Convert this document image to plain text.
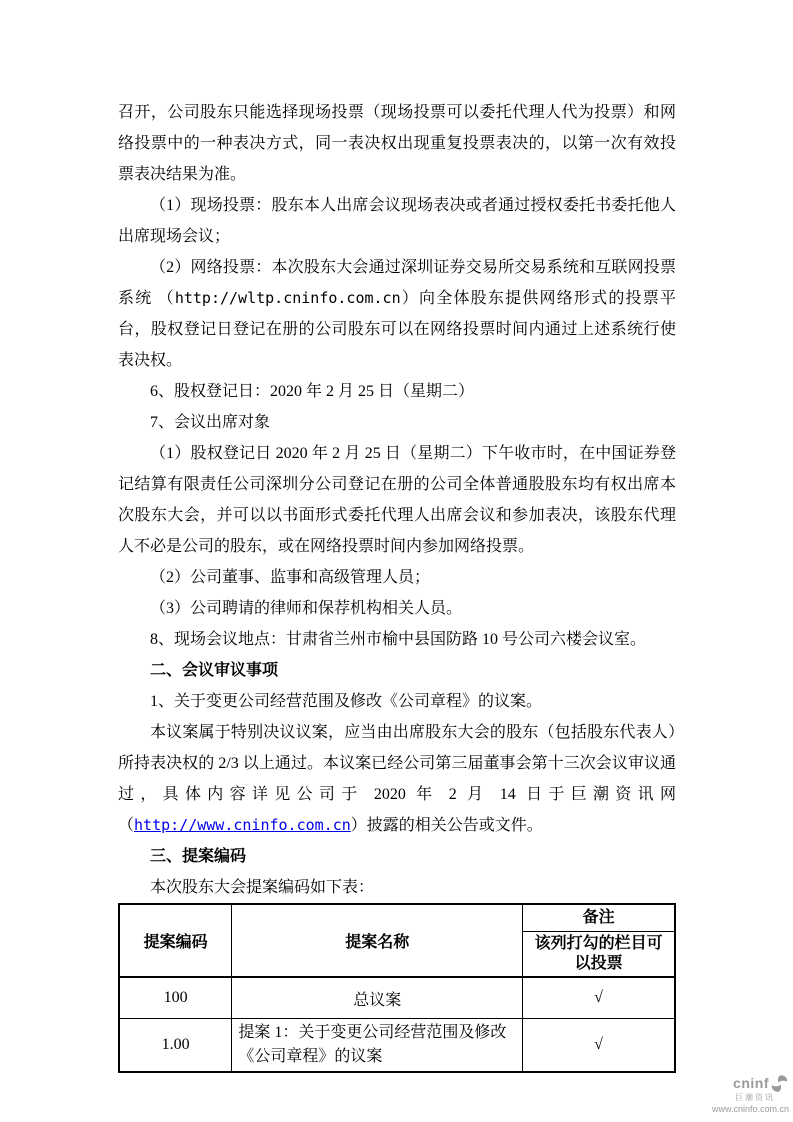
召开，公司股东只能选择现场投票（现场投票可以委托代理人代为投票）和网络投票中的一种表决方式，同一表决权出现重复投票表决的，以第一次有效投票表决结果为准。

（1）现场投票：股东本人出席会议现场表决或者通过授权委托书委托他人出席现场会议；

（2）网络投票：本次股东大会通过深圳证券交易所交易系统和互联网投票系统 （http://wltp.cninfo.com.cn）向全体股东提供网络形式的投票平台，股权登记日登记在册的公司股东可以在网络投票时间内通过上述系统行使表决权。

6、股权登记日：2020 年 2 月 25 日（星期二）

7、会议出席对象

（1）股权登记日 2020 年 2 月 25 日（星期二）下午收市时，在中国证券登记结算有限责任公司深圳分公司登记在册的公司全体普通股股东均有权出席本次股东大会，并可以以书面形式委托代理人出席会议和参加表决，该股东代理人不必是公司的股东，或在网络投票时间内参加网络投票。

（2）公司董事、监事和高级管理人员；

（3）公司聘请的律师和保荐机构相关人员。

8、现场会议地点：甘肃省兰州市榆中县国防路 10 号公司六楼会议室。

二、会议审议事项

1、关于变更公司经营范围及修改《公司章程》的议案。

本议案属于特别决议议案，应当由出席股东大会的股东（包括股东代表人）所持表决权的 2/3 以上通过。本议案已经公司第三届董事会第十三次会议审议通过，具体内容详见公司于 2020 年 2 月 14 日于巨潮资讯网（http://www.cninfo.com.cn）披露的相关公告或文件。

三、提案编码

本次股东大会提案编码如下表：

提案编码	提案名称	备注
		该列打勾的栏目可以投票
100	总议案	√
1.00	提案 1：关于变更公司经营范围及修改《公司章程》的议案	√
cninf
巨潮资讯
www.cninfo.com.cn
